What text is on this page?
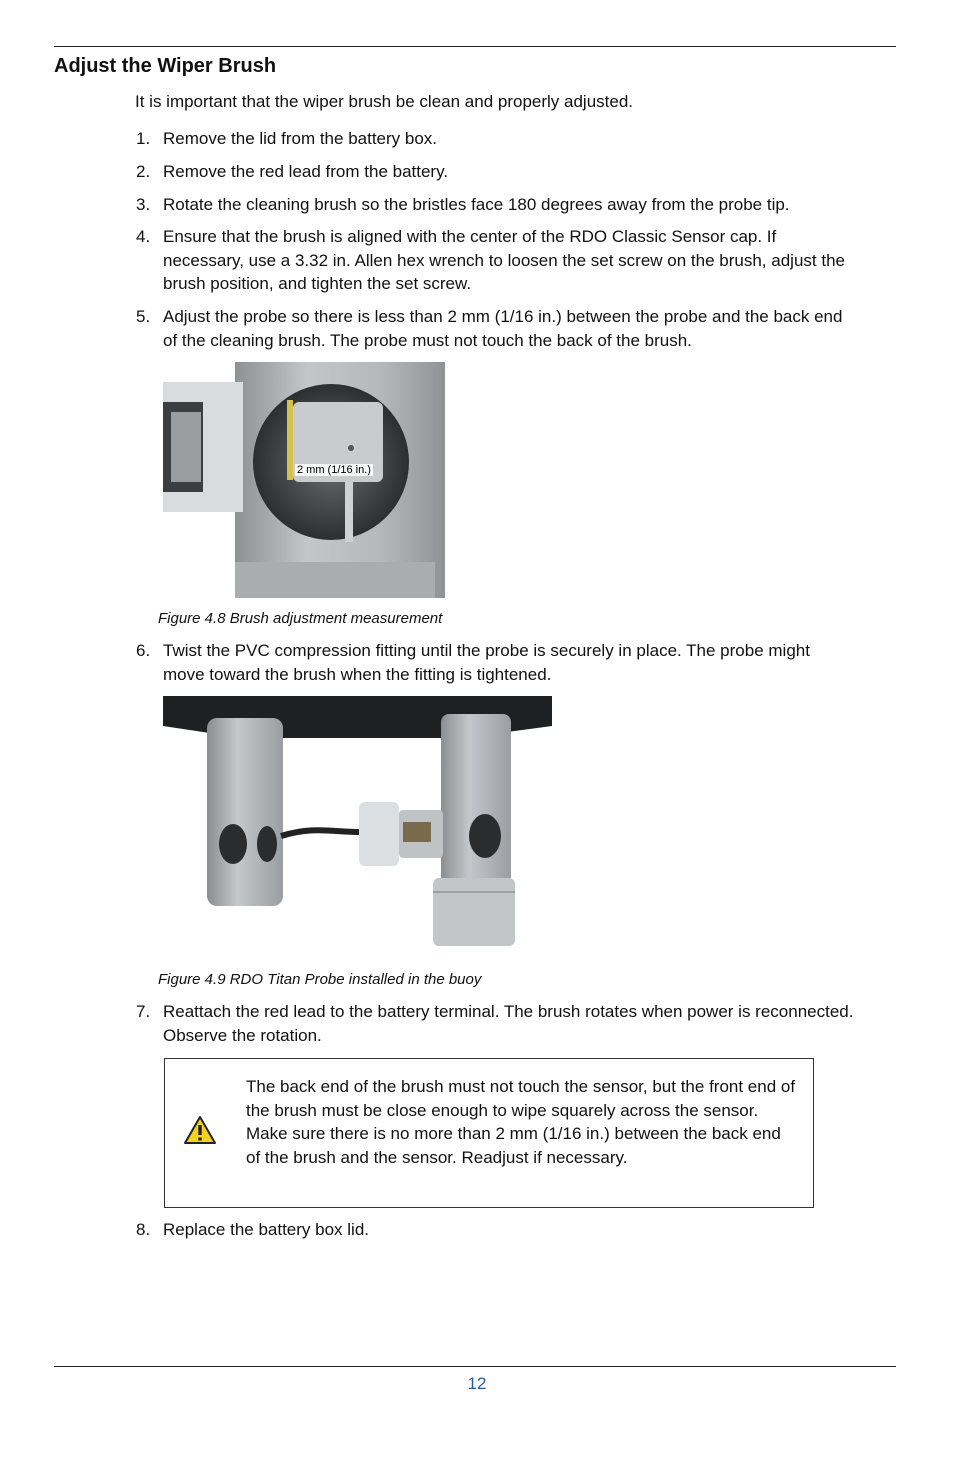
Adjust the Wiper Brush

It is important that the wiper brush be clean and properly adjusted.

1. Remove the lid from the battery box.
2. Remove the red lead from the battery.
3. Rotate the cleaning brush so the bristles face 180 degrees away from the probe tip.
4. Ensure that the brush is aligned with the center of the RDO Classic Sensor cap. If necessary, use a 3.32 in. Allen hex wrench to loosen the set screw on the brush, adjust the brush position, and tighten the set screw.
5. Adjust the probe so there is less than 2 mm (1/16 in.) between the probe and the back end of the cleaning brush. The probe must not touch the back of the brush.
2 mm (1/16 in.)
Figure 4.8 Brush adjustment measurement
6. Twist the PVC compression fitting until the probe is securely in place. The probe might move toward the brush when the fitting is tightened.
Figure 4.9 RDO Titan Probe installed in the buoy
7. Reattach the red lead to the battery terminal. The brush rotates when power is reconnected. Observe the rotation.
The back end of the brush must not touch the sensor, but the front end of the brush must be close enough to wipe squarely across the sensor. Make sure there is no more than 2 mm (1/16 in.) between the back end of the brush and the sensor. Readjust if necessary.
8. Replace the battery box lid.
12
